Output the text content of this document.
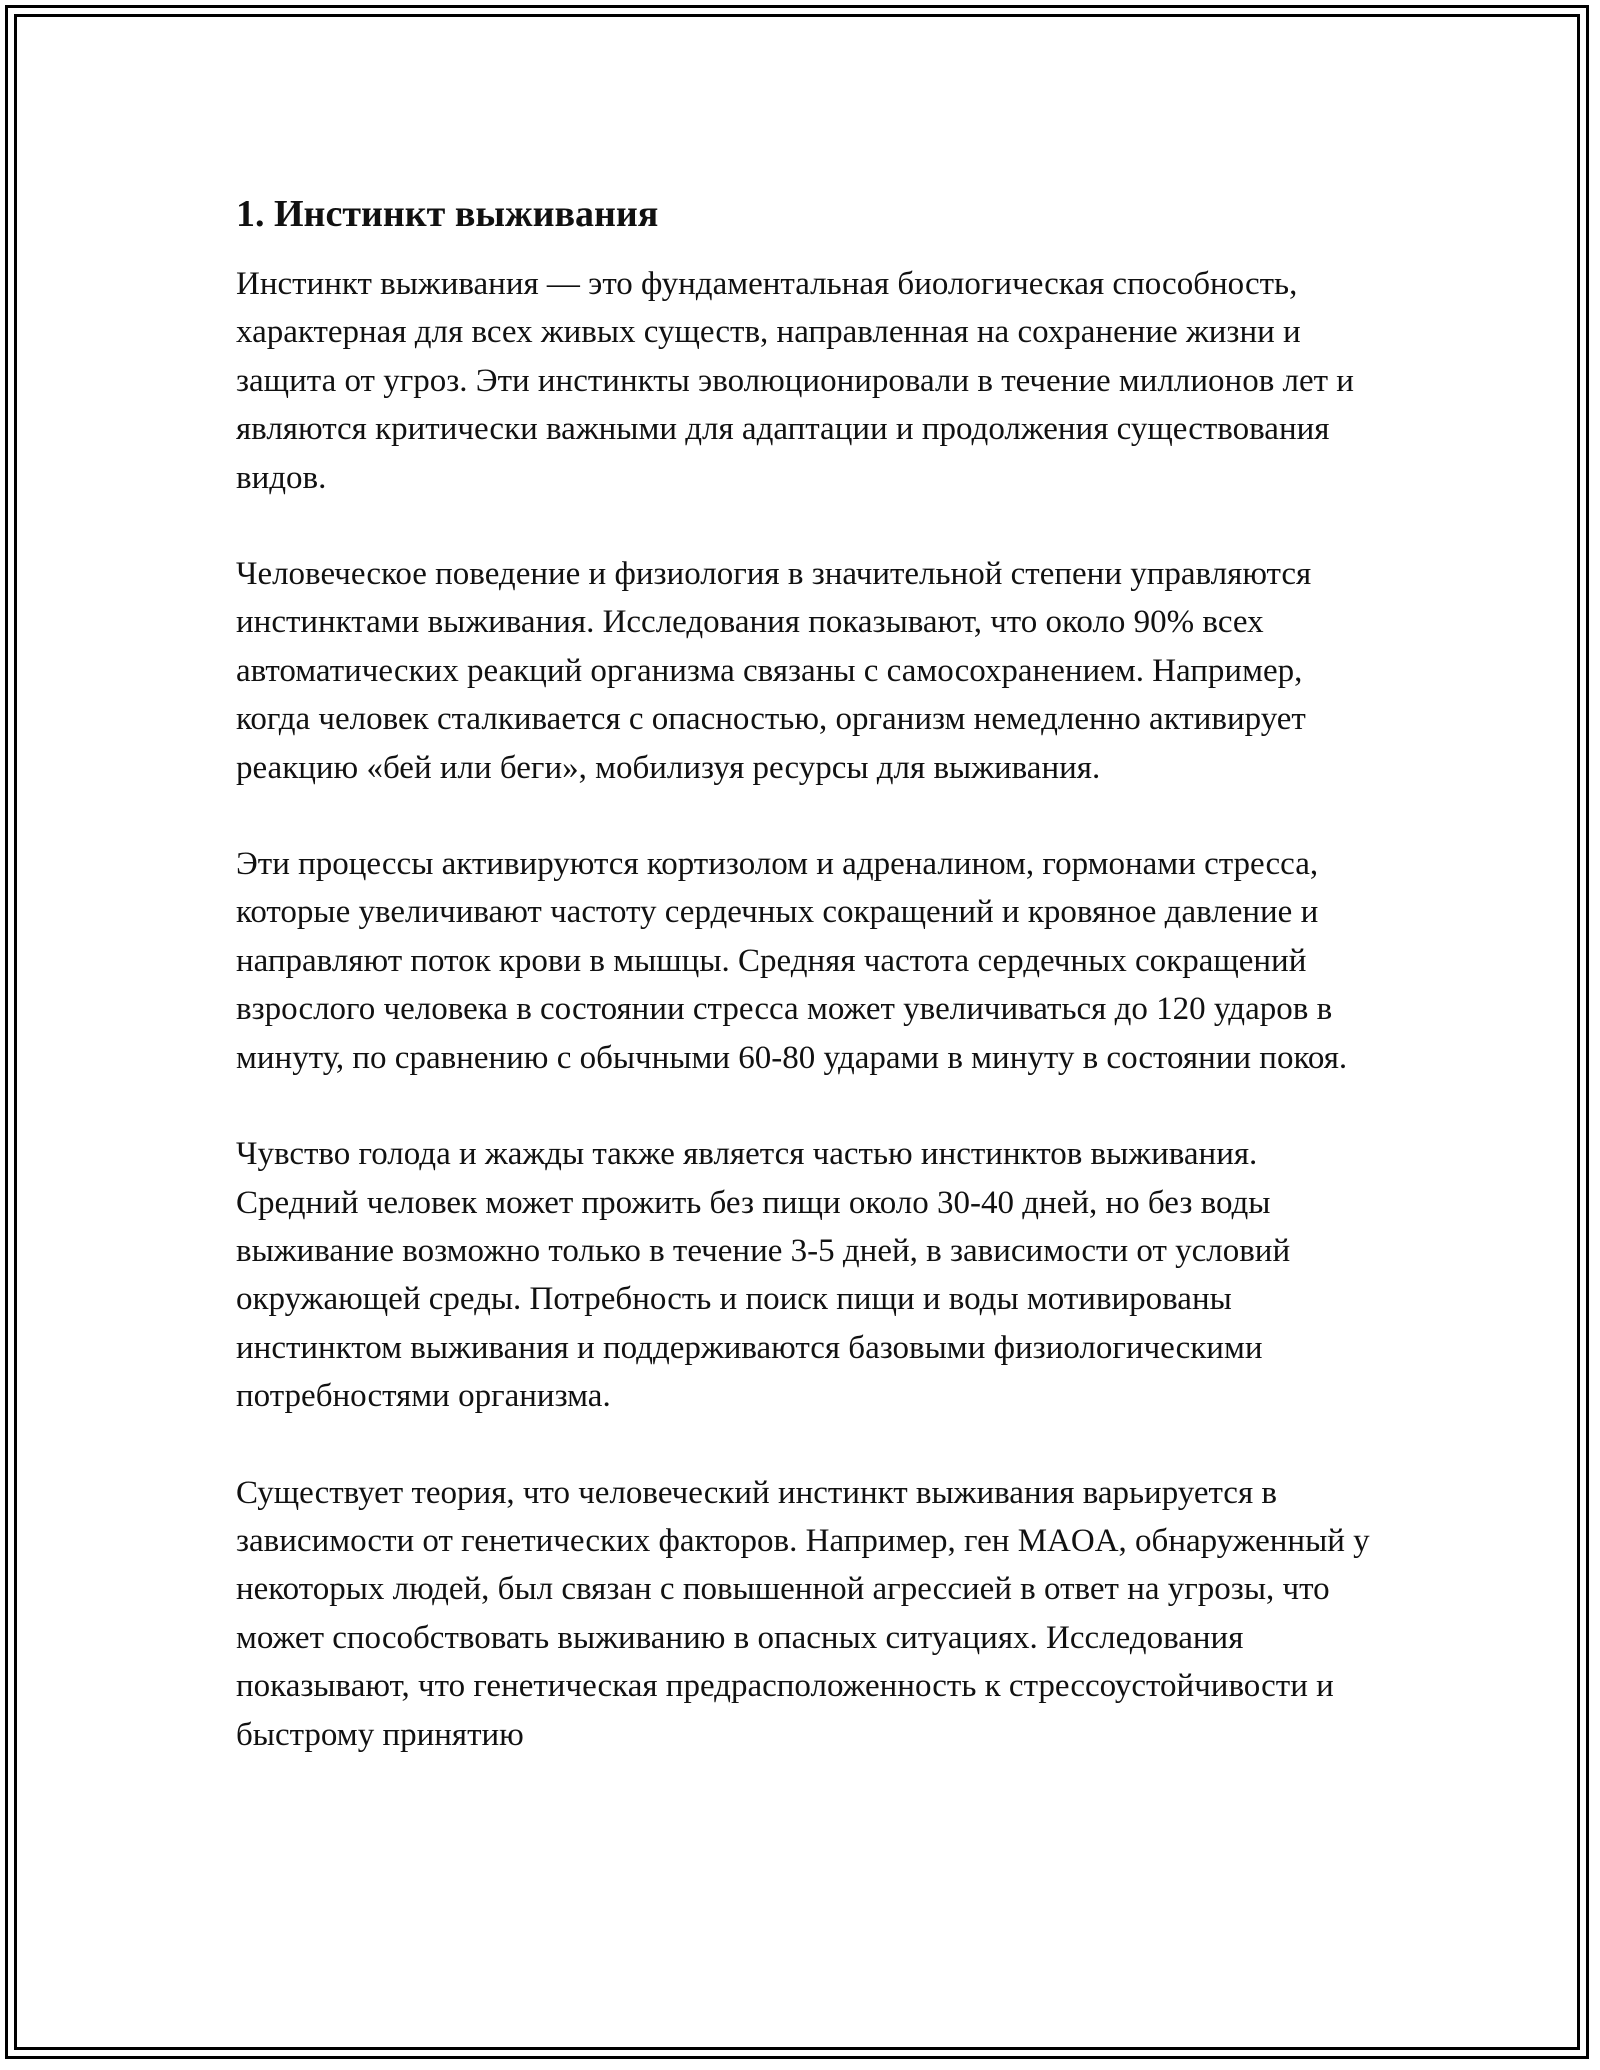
1. Инстинкт выживания

Инстинкт выживания — это фундаментальная биологическая способность, характерная для всех живых существ, направленная на сохранение жизни и защита от угроз. Эти инстинкты эволюционировали в течение миллионов лет и являются критически важными для адаптации и продолжения существования видов.

Человеческое поведение и физиология в значительной степени управляются инстинктами выживания. Исследования показывают, что около 90% всех автоматических реакций организма связаны с самосохранением. Например, когда человек сталкивается с опасностью, организм немедленно активирует реакцию «бей или беги», мобилизуя ресурсы для выживания.

Эти процессы активируются кортизолом и адреналином, гормонами стресса, которые увеличивают частоту сердечных сокращений и кровяное давление и направляют поток крови в мышцы. Средняя частота сердечных сокращений взрослого человека в состоянии стресса может увеличиваться до 120 ударов в минуту, по сравнению с обычными 60-80 ударами в минуту в состоянии покоя.

Чувство голода и жажды также является частью инстинктов выживания. Средний человек может прожить без пищи около 30-40 дней, но без воды выживание возможно только в течение 3-5 дней, в зависимости от условий окружающей среды. Потребность и поиск пищи и воды мотивированы инстинктом выживания и поддерживаются базовыми физиологическими потребностями организма.

Существует теория, что человеческий инстинкт выживания варьируется в зависимости от генетических факторов. Например, ген MAOA, обнаруженный у некоторых людей, был связан с повышенной агрессией в ответ на угрозы, что может способствовать выживанию в опасных ситуациях. Исследования показывают, что генетическая предрасположенность к стрессоустойчивости и быстрому принятию
